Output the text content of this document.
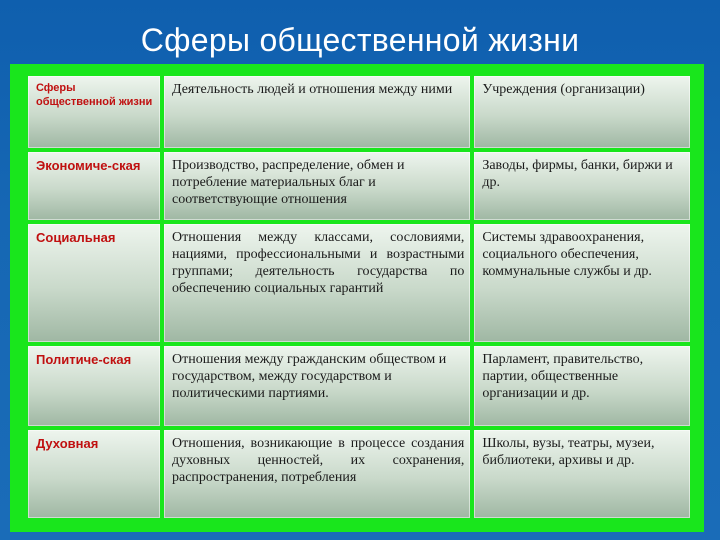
Сферы общественной жизни
Сферы общественной жизни	Деятельность людей и отношения между ними	Учреждения (организации)
Экономиче-ская	Производство, распределение, обмен и потребление материальных благ и соответствующие отношения	Заводы, фирмы, банки, биржи и др.
Социальная	Отношения между классами, сословиями, нациями, профессиональными и возрастными группами; деятельность государства по обеспечению социальных гарантий	Системы здравоохранения, социального обеспечения, коммунальные службы и др.
Политиче-ская	Отношения между гражданским обществом и государством, между государством и политическими партиями.	Парламент, правительство, партии, общественные организации и др.
Духовная	Отношения, возникающие в процессе создания духовных ценностей, их сохранения, распространения, потребления	Школы, вузы, театры, музеи, библиотеки, архивы и др.
